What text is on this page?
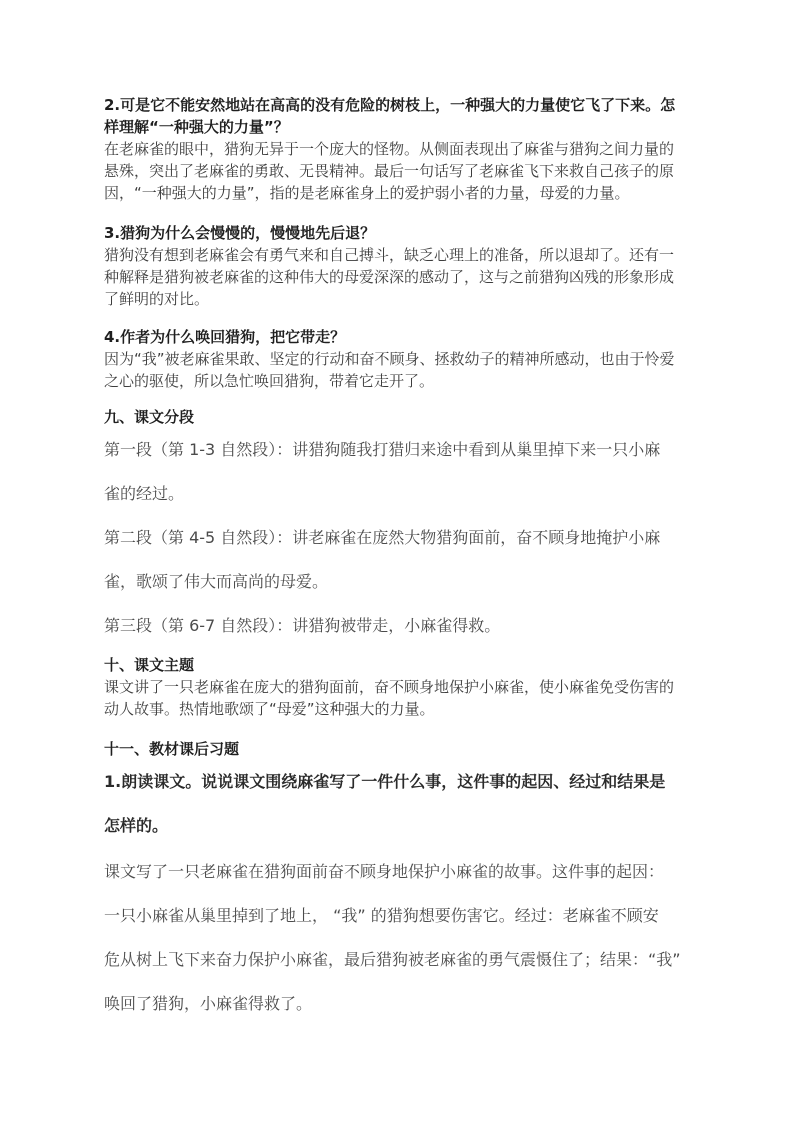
2.可是它不能安然地站在高高的没有危险的树枝上，一种强大的力量使它飞了下来。怎
样理解“一种强大的力量”？

在老麻雀的眼中，猎狗无异于一个庞大的怪物。从侧面表现出了麻雀与猎狗之间力量的
悬殊，突出了老麻雀的勇敢、无畏精神。最后一句话写了老麻雀飞下来救自己孩子的原
因，“一种强大的力量”，指的是老麻雀身上的爱护弱小者的力量，母爱的力量。

3.猎狗为什么会慢慢的，慢慢地先后退？

猎狗没有想到老麻雀会有勇气来和自己搏斗，缺乏心理上的准备，所以退却了。还有一
种解释是猎狗被老麻雀的这种伟大的母爱深深的感动了，这与之前猎狗凶残的形象形成
了鲜明的对比。

4.作者为什么唤回猎狗，把它带走？

因为“我”被老麻雀果敢、坚定的行动和奋不顾身、拯救幼子的精神所感动，也由于怜爱
之心的驱使，所以急忙唤回猎狗，带着它走开了。

九、课文分段

第一段（第 1-3 自然段）：讲猎狗随我打猎归来途中看到从巢里掉下来一只小麻
雀的经过。

第二段（第 4-5 自然段）：讲老麻雀在庞然大物猎狗面前，奋不顾身地掩护小麻
雀，歌颂了伟大而高尚的母爱。

第三段（第 6-7 自然段）：讲猎狗被带走，小麻雀得救。

十、课文主题

课文讲了一只老麻雀在庞大的猎狗面前，奋不顾身地保护小麻雀，使小麻雀免受伤害的
动人故事。热情地歌颂了“母爱”这种强大的力量。

十一、教材课后习题

1.朗读课文。说说课文围绕麻雀写了一件什么事，这件事的起因、经过和结果是
怎样的。

课文写了一只老麻雀在猎狗面前奋不顾身地保护小麻雀的故事。这件事的起因：
一只小麻雀从巢里掉到了地上， “我” 的猎狗想要伤害它。经过：老麻雀不顾安
危从树上飞下来奋力保护小麻雀，最后猎狗被老麻雀的勇气震慑住了；结果：“我”
唤回了猎狗，小麻雀得救了。
